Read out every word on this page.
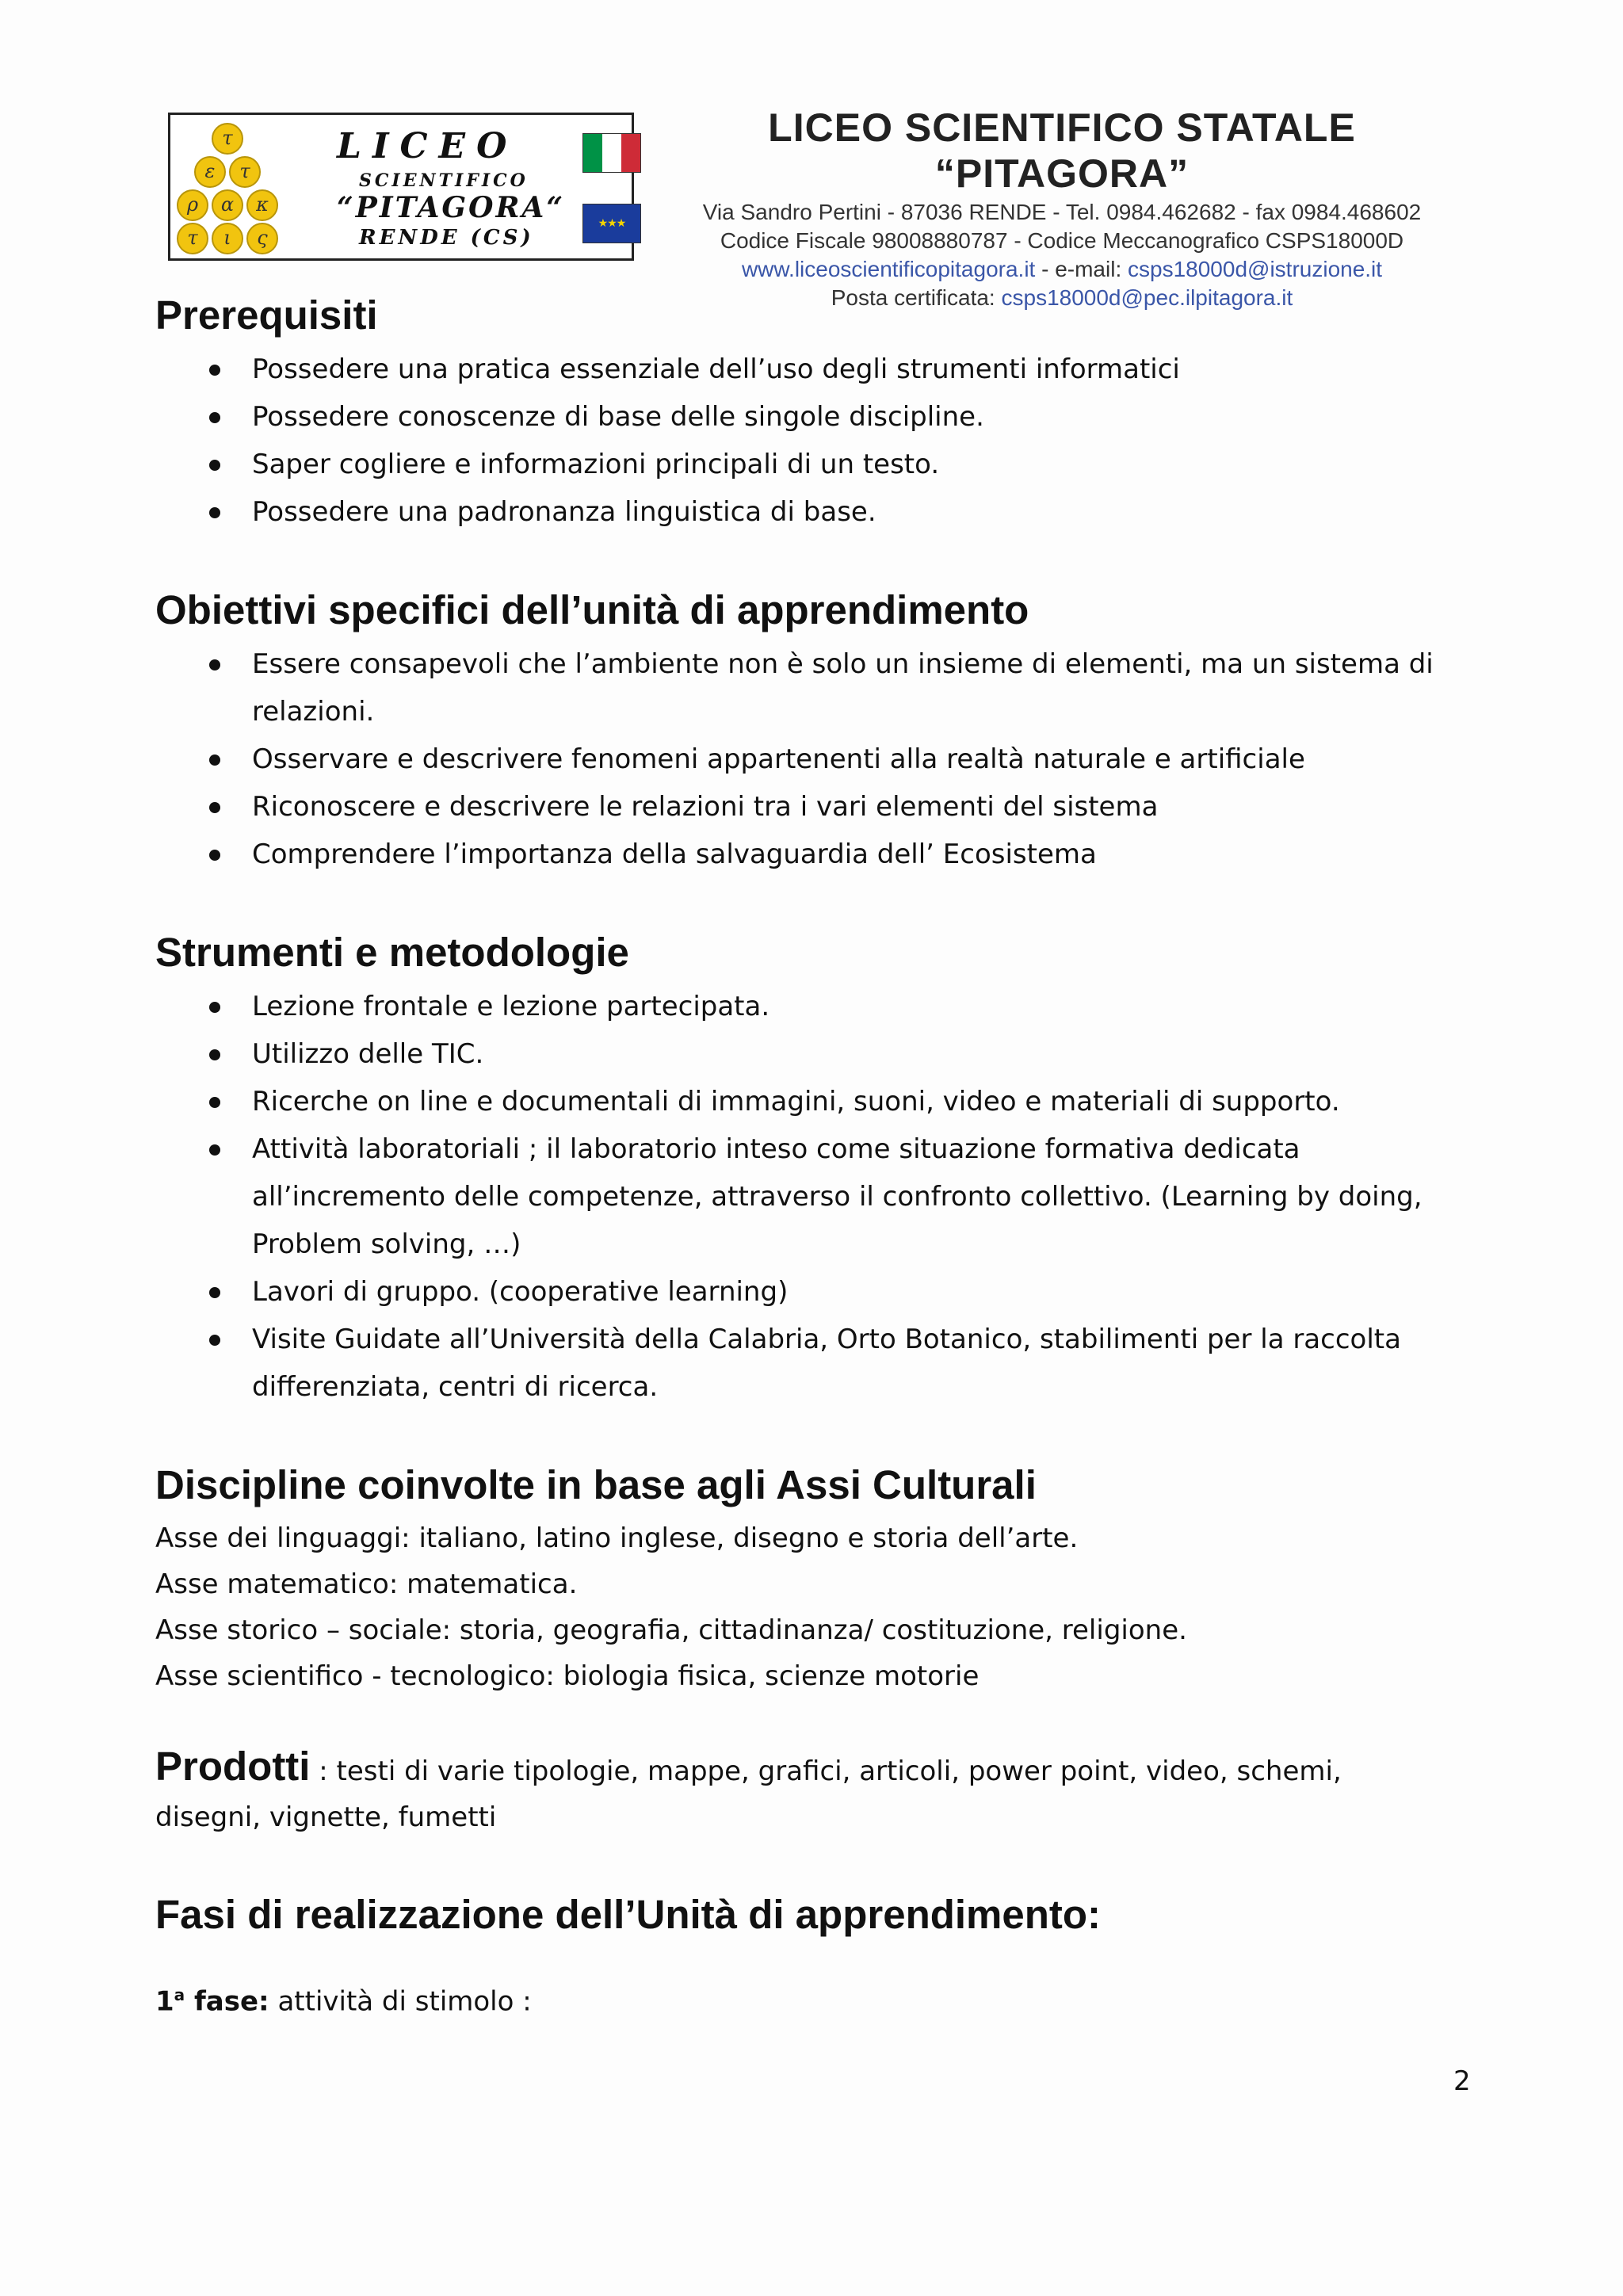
τ
ε	τ
ρ	α	κ
τ	ι	ς
LICEO
SCIENTIFICO
“PITAGORA“
RENDE (CS)
★★★
LICEO SCIENTIFICO STATALE “PITAGORA”
Via Sandro Pertini - 87036 RENDE - Tel. 0984.462682 - fax 0984.468602
Codice Fiscale 98008880787 - Codice Meccanografico CSPS18000D
www.liceoscientificopitagora.it - e-mail: csps18000d@istruzione.it
Posta certificata: csps18000d@pec.ilpitagora.it
Prerequisiti
Possedere una pratica essenziale dell’uso degli strumenti informatici
Possedere conoscenze di base delle singole discipline.
Saper cogliere e informazioni principali di un testo.
Possedere una padronanza linguistica di base.
Obiettivi specifici dell’unità di apprendimento
Essere consapevoli che l’ambiente non è solo un insieme di elementi, ma un sistema di relazioni.
Osservare e descrivere fenomeni appartenenti alla realtà naturale e artificiale
Riconoscere e descrivere le relazioni tra i vari elementi del sistema
Comprendere l’importanza della salvaguardia dell’ Ecosistema
Strumenti e metodologie
Lezione frontale e lezione partecipata.
Utilizzo delle TIC.
Ricerche on line e documentali di immagini, suoni, video e materiali di supporto.
Attività laboratoriali ; il laboratorio inteso come situazione formativa dedicata all’incremento delle competenze, attraverso il confronto collettivo. (Learning by doing, Problem solving, …)
Lavori di gruppo. (cooperative learning)
Visite Guidate all’Università della Calabria, Orto Botanico, stabilimenti per la raccolta differenziata, centri di ricerca.
Discipline coinvolte in base agli Assi Culturali
Asse dei linguaggi: italiano, latino inglese, disegno e storia dell’arte.
Asse matematico: matematica.
Asse storico – sociale: storia, geografia, cittadinanza/ costituzione, religione.
Asse scientifico - tecnologico: biologia fisica, scienze motorie
Prodotti : testi di varie tipologie, mappe, grafici, articoli, power point, video, schemi, disegni, vignette, fumetti
Fasi di realizzazione dell’Unità di apprendimento:
1$^a$ fase: attività di stimolo :
2
